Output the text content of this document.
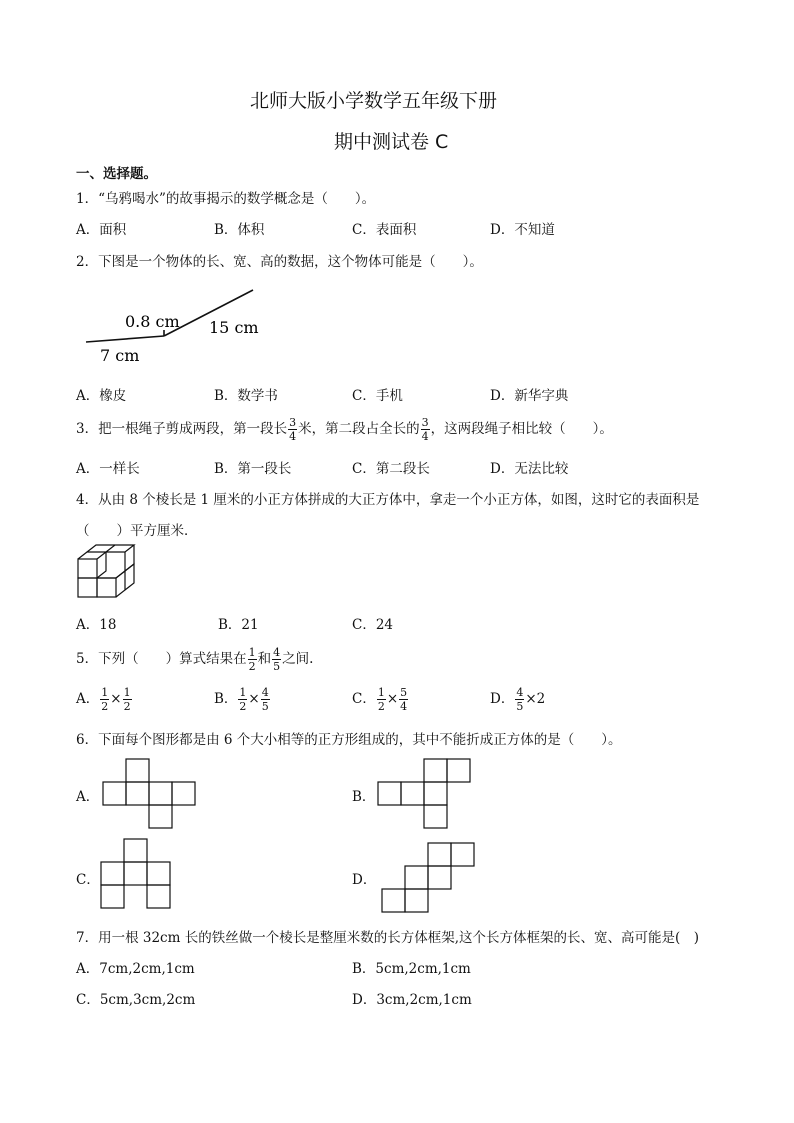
北师大版小学数学五年级下册
期中测试卷 C
一、选择题。
1．“乌鸦喝水”的故事揭示的数学概念是（　　）。
A．面积	B．体积	C．表面积	D．不知道
2．下图是一个物体的长、宽、高的数据，这个物体可能是（　　）。
0.8 cm 15 cm
7 cm
A．橡皮	B．数学书	C．手机	D．新华字典
3．把一根绳子剪成两段，第一段长 $\frac{3}{4}$ 米，第二段占全长的 $\frac{3}{4}$ ，这两段绳子相比较（　　）。
A．一样长	B．第一段长	C．第二段长	D．无法比较
4．从由 8 个棱长是 1 厘米的小正方体拼成的大正方体中，拿走一个小正方体，如图，这时它的表面积是
（　　）平方厘米．
A．18	B．21	C．24
5．下列（　　）算式结果在 $\frac{1}{2}$ 和 $\frac{4}{5}$ 之间.
A． $\frac{1}{2} \times \frac{1}{2}$	B． $\frac{1}{2} \times \frac{4}{5}$	C． $\frac{1}{2} \times \frac{5}{4}$	D． $\frac{4}{5} \times 2$
6．下面每个图形都是由 6 个大小相等的正方形组成的，其中不能折成正方体的是（　　）。
A．	B．
C．	D．
7．用一根 32cm 长的铁丝做一个棱长是整厘米数的长方体框架,这个长方体框架的长、宽、高可能是(　)
A．7cm,2cm,1cm	B．5cm,2cm,1cm
C．5cm,3cm,2cm	D．3cm,2cm,1cm
